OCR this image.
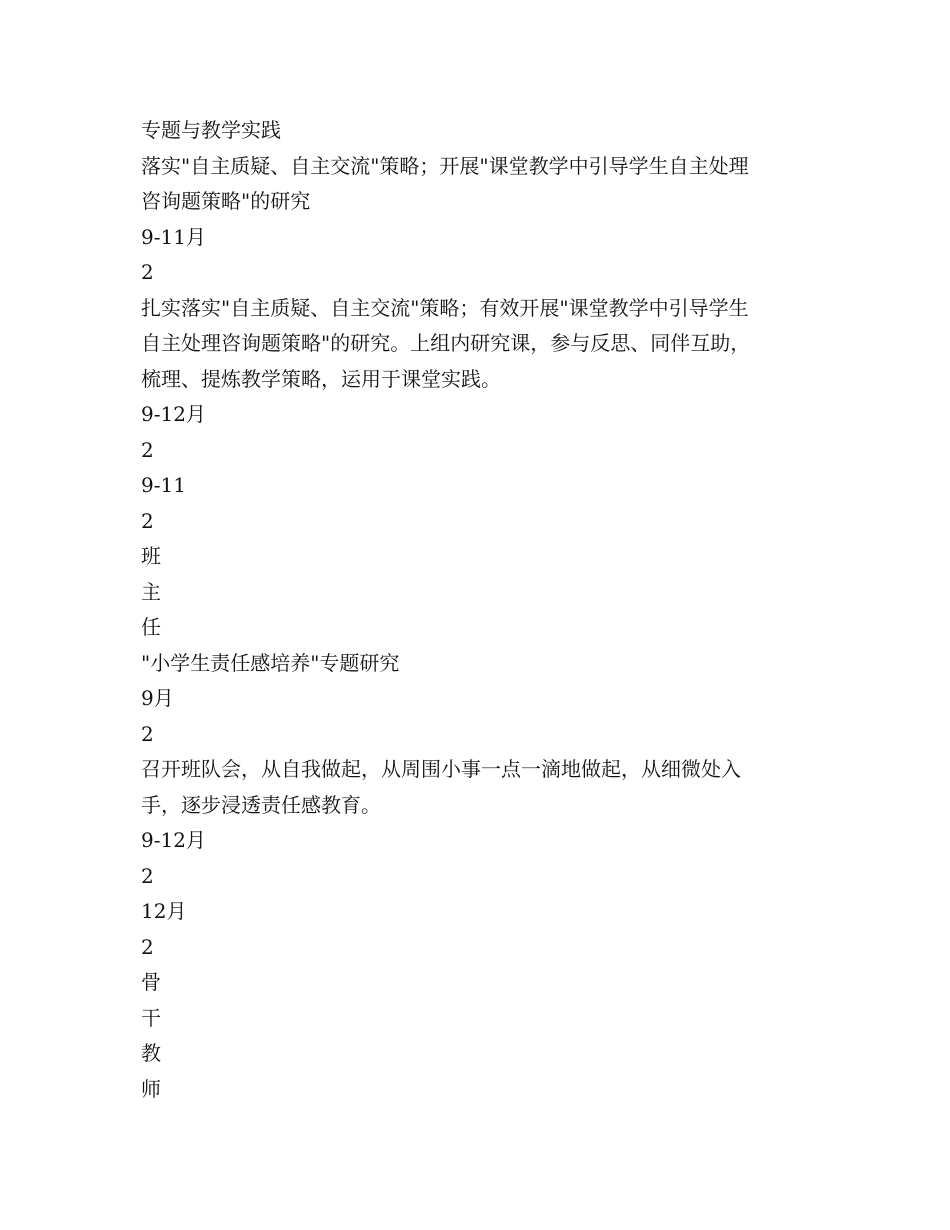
专题与教学实践
落实"自主质疑、自主交流"策略；开展"课堂教学中引导学生自主处理
咨询题策略"的研究
9-11月
2
扎实落实"自主质疑、自主交流"策略；有效开展"课堂教学中引导学生
自主处理咨询题策略"的研究。上组内研究课，参与反思、同伴互助，
梳理、提炼教学策略，运用于课堂实践。
9-12月
2
9-11
2
班
主
任
"小学生责任感培养"专题研究
9月
2
召开班队会，从自我做起，从周围小事一点一滴地做起，从细微处入
手，逐步浸透责任感教育。
9-12月
2
12月
2
骨
干
教
师
